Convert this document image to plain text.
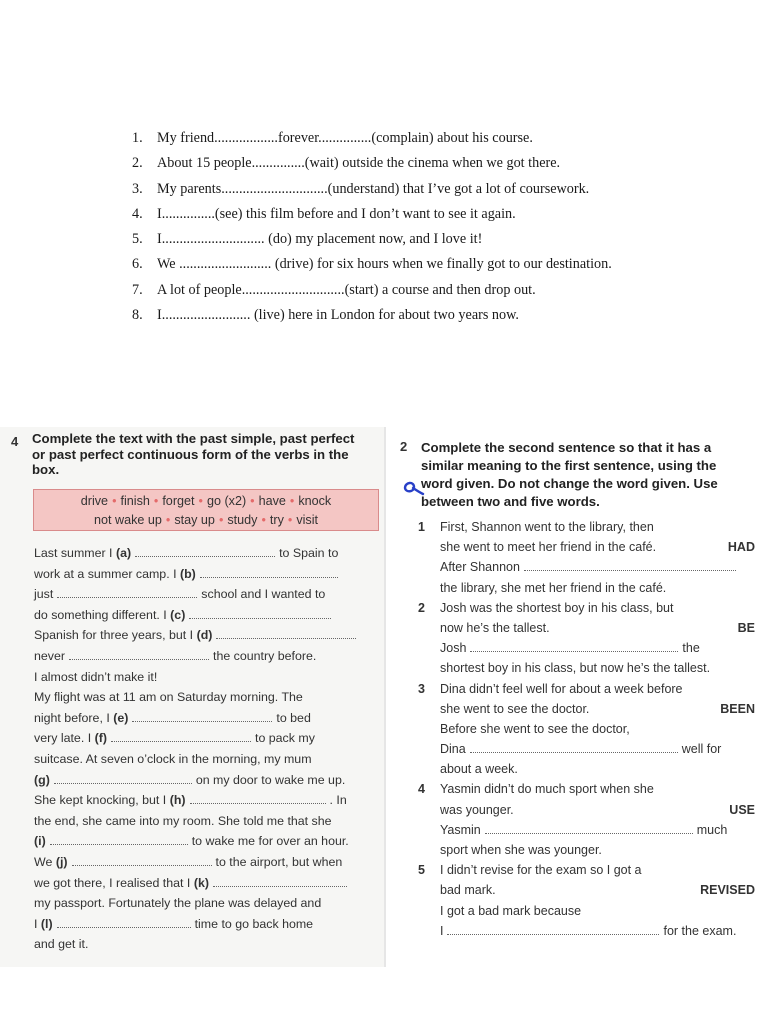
1. My friend..................forever...............(complain) about his course.
2. About 15 people...............(wait) outside the cinema when we got there.
3. My parents..............................(understand) that I’ve got a lot of coursework.
4. I...............(see) this film before and I don’t want to see it again.
5. I............................. (do) my placement now, and I love it!
6. We .......................... (drive) for six hours when we finally got to our destination.
7. A lot of people.............................(start) a course and then drop out.
8. I......................... (live) here in London for about two years now.
4 Complete the text with the past simple, past perfect or past perfect continuous form of the verbs in the box.
drive • finish • forget • go (x2) • have • knock
not wake up • stay up • study • try • visit
Last summer I (a)	to Spain to
work at a summer camp. I (b)
just	school and I wanted to
do something different. I (c)
Spanish for three years, but I (d)
never	the country before.
I almost didn’t make it!
My flight was at 11 am on Saturday morning. The
night before, I (e)	to bed
very late. I (f)	to pack my
suitcase. At seven o’clock in the morning, my mum
(g)	on my door to wake me up.
She kept knocking, but I (h)	. In
the end, she came into my room. She told me that she
(i)	to wake me for over an hour.
We (j)	to the airport, but when
we got there, I realised that I (k)
my passport. Fortunately the plane was delayed and
I (l)	time to go back home
and get it.
2 Complete the second sentence so that it has a similar meaning to the first sentence, using the word given. Do not change the word given. Use between two and five words.
1 First, Shannon went to the library, then
she went to meet her friend in the café.	HAD
After Shannon
the library, she met her friend in the café.
2 Josh was the shortest boy in his class, but
now he’s the tallest.	BE
Josh	the
shortest boy in his class, but now he’s the tallest.
3 Dina didn’t feel well for about a week before
she went to see the doctor.	BEEN
Before she went to see the doctor,
Dina	well for
about a week.
4 Yasmin didn’t do much sport when she
was younger.	USE
Yasmin	much
sport when she was younger.
5 I didn’t revise for the exam so I got a
bad mark.	REVISED
I got a bad mark because
I	for the exam.
